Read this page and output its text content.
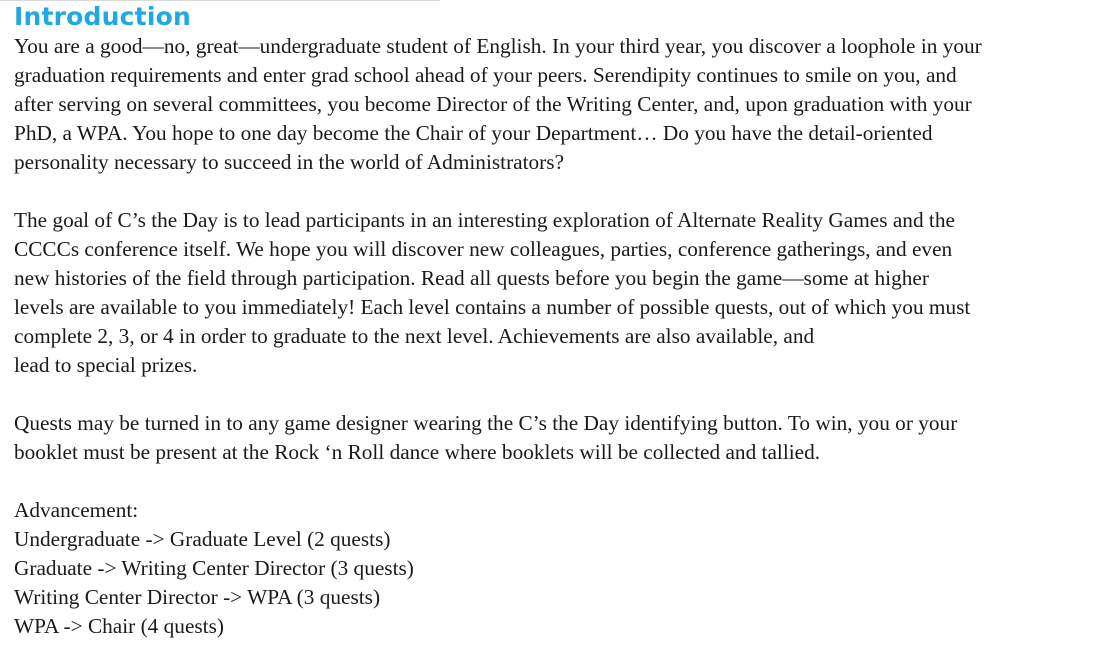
Introduction

You are a good—no, great—undergraduate student of English. In your third year, you discover a loophole in your
graduation requirements and enter grad school ahead of your peers. Serendipity continues to smile on you, and
after serving on several committees, you become Director of the Writing Center, and, upon graduation with your
PhD, a WPA. You hope to one day become the Chair of your Department… Do you have the detail-oriented
personality necessary to succeed in the world of Administrators?

The goal of C’s the Day is to lead participants in an interesting exploration of Alternate Reality Games and the
CCCCs conference itself. We hope you will discover new colleagues, parties, conference gatherings, and even
new histories of the field through participation. Read all quests before you begin the game—some at higher
levels are available to you immediately! Each level contains a number of possible quests, out of which you must
complete 2, 3, or 4 in order to graduate to the next level. Achievements are also available, and
lead to special prizes.

Quests may be turned in to any game designer wearing the C’s the Day identifying button. To win, you or your
booklet must be present at the Rock ‘n Roll dance where booklets will be collected and tallied.

Advancement:
Undergraduate -> Graduate Level (2 quests)
Graduate -> Writing Center Director (3 quests)
Writing Center Director -> WPA (3 quests)
WPA -> Chair (4 quests)
